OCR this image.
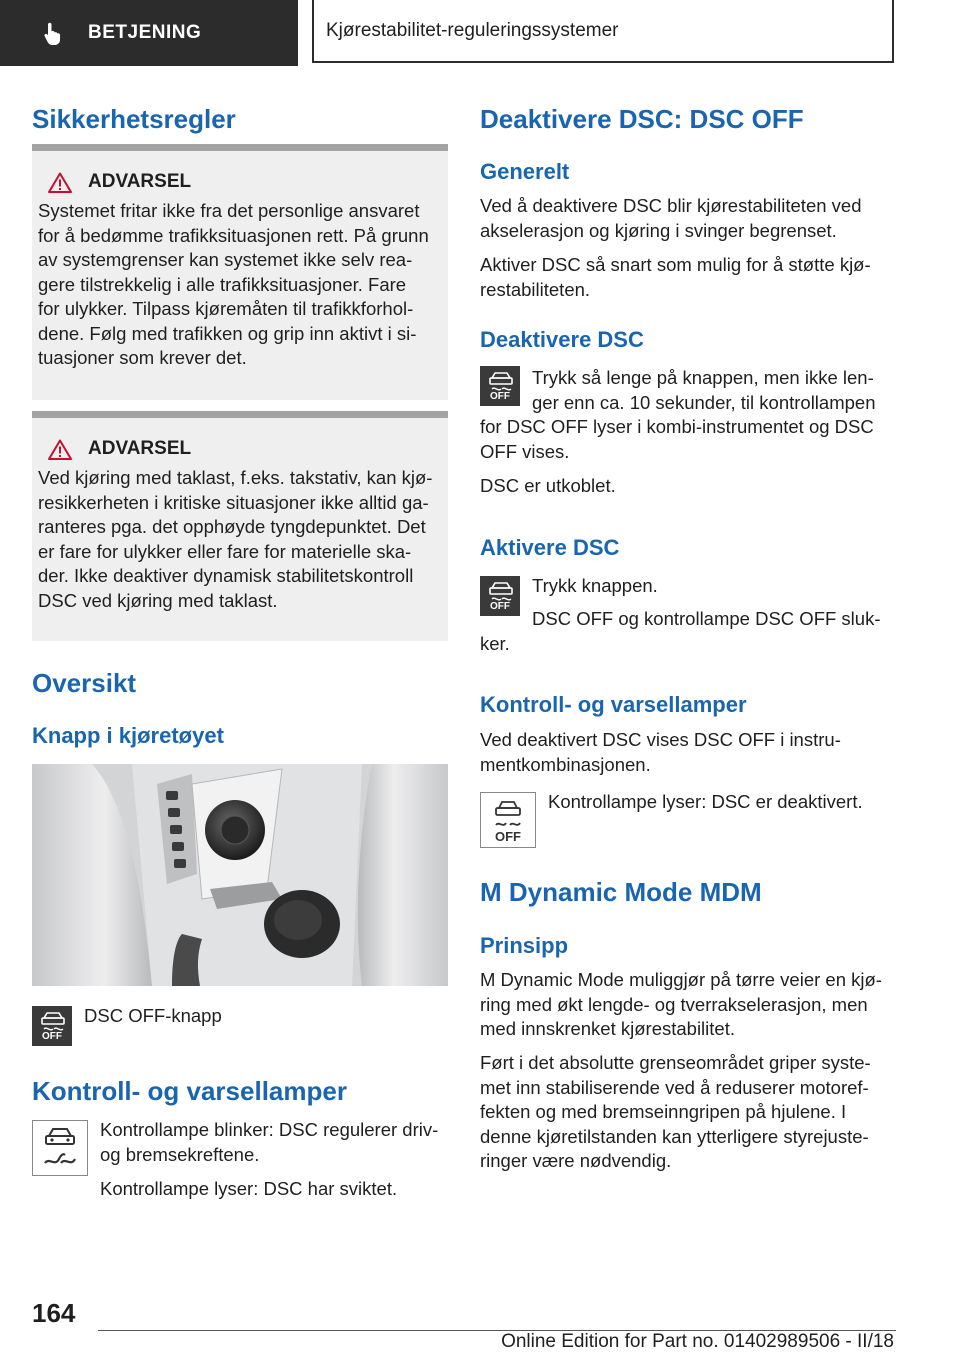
BETJENING	Kjørestabilitet-reguleringssystemer
Sikkerhetsregler
ADVARSEL
Systemet fritar ikke fra det personlige ansvaret
for å bedømme trafikksituasjonen rett. På grunn
av systemgrenser kan systemet ikke selv rea-
gere tilstrekkelig i alle trafikksituasjoner. Fare
for ulykker. Tilpass kjøremåten til trafikkforhol-
dene. Følg med trafikken og grip inn aktivt i si-
tuasjoner som krever det.
ADVARSEL
Ved kjøring med taklast, f.eks. takstativ, kan kjø-
resikkerheten i kritiske situasjoner ikke alltid ga-
ranteres pga. det opphøyde tyngdepunktet. Det
er fare for ulykker eller fare for materielle ska-
der. Ikke deaktiver dynamisk stabilitetskontroll
DSC ved kjøring med taklast.
Oversikt
Knapp i kjøretøyet
OFF

DSC OFF-knapp

Kontroll- og varsellamper
Kontrollampe blinker: DSC regulerer driv-
og bremsekreftene.
Kontrollampe lyser: DSC har sviktet.
Deaktivere DSC: DSC OFF
Generelt
Ved å deaktivere DSC blir kjørestabiliteten ved
akselerasjon og kjøring i svinger begrenset.
Aktiver DSC så snart som mulig for å støtte kjø-
restabiliteten.
Deaktivere DSC
OFF
Trykk så lenge på knappen, men ikke len-
ger enn ca. 10 sekunder, til kontrollampen
for DSC OFF lyser i kombi-instrumentet og DSC
OFF vises.

DSC er utkoblet.

Aktivere DSC
OFF

Trykk knappen.

DSC OFF og kontrollampe DSC OFF sluk-
ker.
Kontroll- og varsellamper
Ved deaktivert DSC vises DSC OFF i instru-
mentkombinasjonen.
OFF

Kontrollampe lyser: DSC er deaktivert.

M Dynamic Mode MDM
Prinsipp
M Dynamic Mode muliggjør på tørre veier en kjø-
ring med økt lengde- og tverrakselerasjon, men
med innskrenket kjørestabilitet.
Ført i det absolutte grenseområdet griper syste-
met inn stabiliserende ved å reduserer motoref-
fekten og med bremseinngripen på hjulene. I
denne kjøretilstanden kan ytterligere styrejuste-
ringer være nødvendig.
164
Online Edition for Part no. 01402989506 - II/18
